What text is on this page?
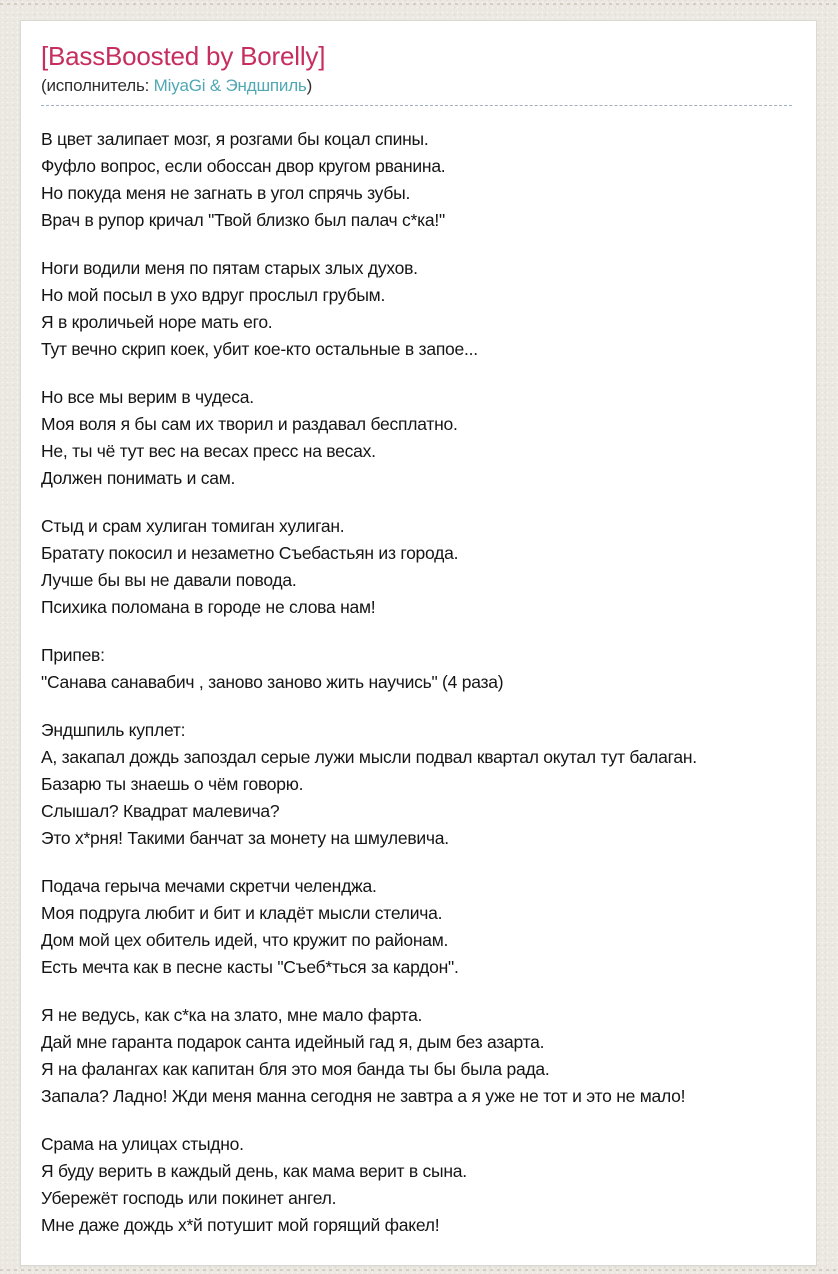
[BassBoosted by Borelly]
(исполнитель: MiyaGi & Эндшпиль)
В цвет залипает мозг, я розгами бы коцал спины.
Фуфло вопрос, если обоссан двор кругом рванина.
Но покуда меня не загнать в угол спрячь зубы.
Врач в рупор кричал "Твой близко был палач с*ка!"
Ноги водили меня по пятам старых злых духов.
Но мой посыл в ухо вдруг прослыл грубым.
Я в кроличьей норе мать его.
Тут вечно скрип коек, убит кое-кто остальные в запое...
Но все мы верим в чудеса.
Моя воля я бы сам их творил и раздавал бесплатно.
Не, ты чё тут вес на весах пресс на весах.
Должен понимать и сам.
Стыд и срам хулиган томиган хулиган.
Братату покосил и незаметно Съебастьян из города.
Лучше бы вы не давали повода.
Психика поломана в городе не слова нам!
Припев:
"Санава санавабич , заново заново жить научись" (4 раза)
Эндшпиль куплет:
А, закапал дождь запоздал серые лужи мысли подвал квартал окутал тут балаган.
Базарю ты знаешь о чём говорю.
Слышал? Квадрат малевича?
Это х*рня! Такими банчат за монету на шмулевича.
Подача герыча мечами скретчи челенджа.
Моя подруга любит и бит и кладёт мысли стелича.
Дом мой цех обитель идей, что кружит по районам.
Есть мечта как в песне касты "Съеб*ться за кардон".
Я не ведусь, как с*ка на злато, мне мало фарта.
Дай мне гаранта подарок санта идейный гад я, дым без азарта.
Я на фалангах как капитан бля это моя банда ты бы была рада.
Запала? Ладно! Жди меня манна сегодня не завтра а я уже не тот и это не мало!
Срама на улицах стыдно.
Я буду верить в каждый день, как мама верит в сына.
Убережёт господь или покинет ангел.
Мне даже дождь х*й потушит мой горящий факел!
